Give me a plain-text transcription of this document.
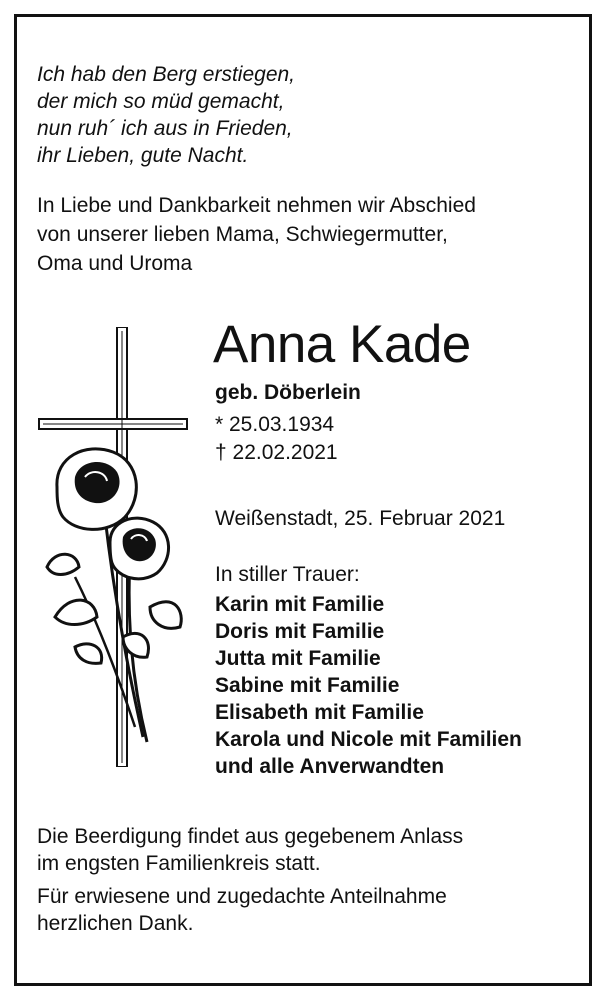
Ich hab den Berg erstiegen,
der mich so müd gemacht,
nun ruh´ ich aus in Frieden,
ihr Lieben, gute Nacht.
In Liebe und Dankbarkeit nehmen wir Abschied
von unserer lieben Mama, Schwiegermutter,
Oma und Uroma
Anna Kade
geb. Döberlein
* 25.03.1934
† 22.02.2021
Weißenstadt, 25. Februar 2021
In stiller Trauer:
Karin mit Familie
Doris mit Familie
Jutta mit Familie
Sabine mit Familie
Elisabeth mit Familie
Karola und Nicole mit Familien
und alle Anverwandten
Die Beerdigung findet aus gegebenem Anlass
im engsten Familienkreis statt.
Für erwiesene und zugedachte Anteilnahme
herzlichen Dank.
